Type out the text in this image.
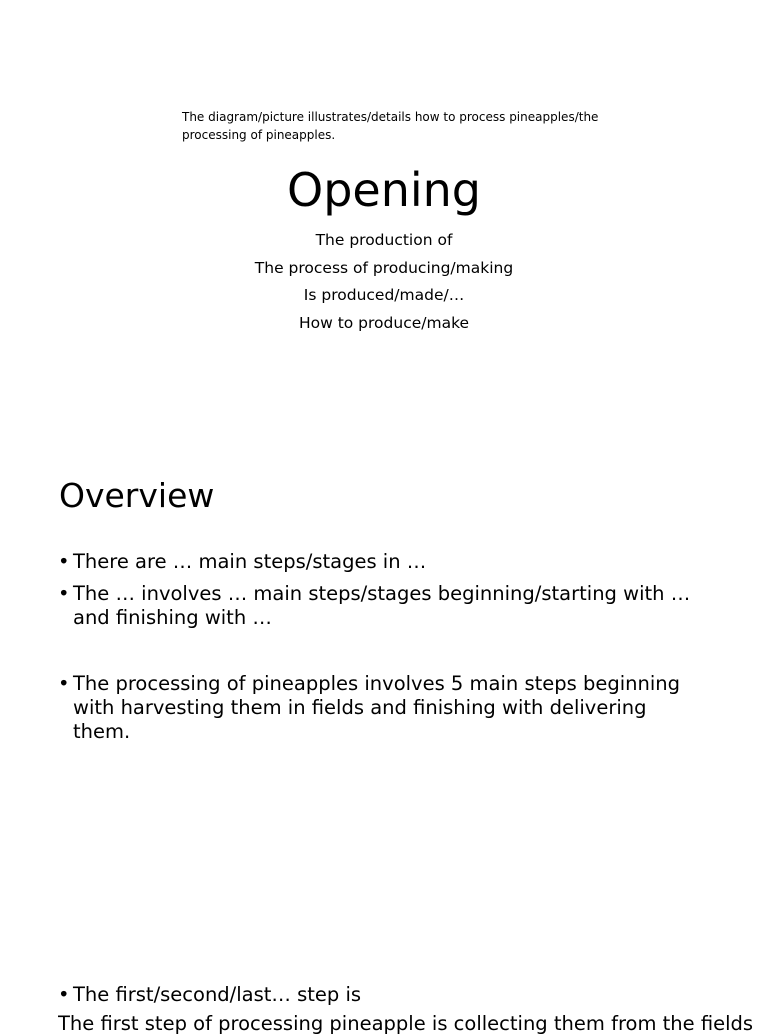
The diagram/picture illustrates/details how to process pineapples/the processing of pineapples.
Opening
The production of
The process of producing/making
Is produced/made/…
How to produce/make
Overview
• There are … main steps/stages in …
• The … involves … main steps/stages beginning/starting with … and finishing with …
• The processing of pineapples involves 5 main steps beginning with harvesting them in fields and finishing with delivering them.
• The first/second/last… step is
The first step of processing pineapple is collecting them from the fields
